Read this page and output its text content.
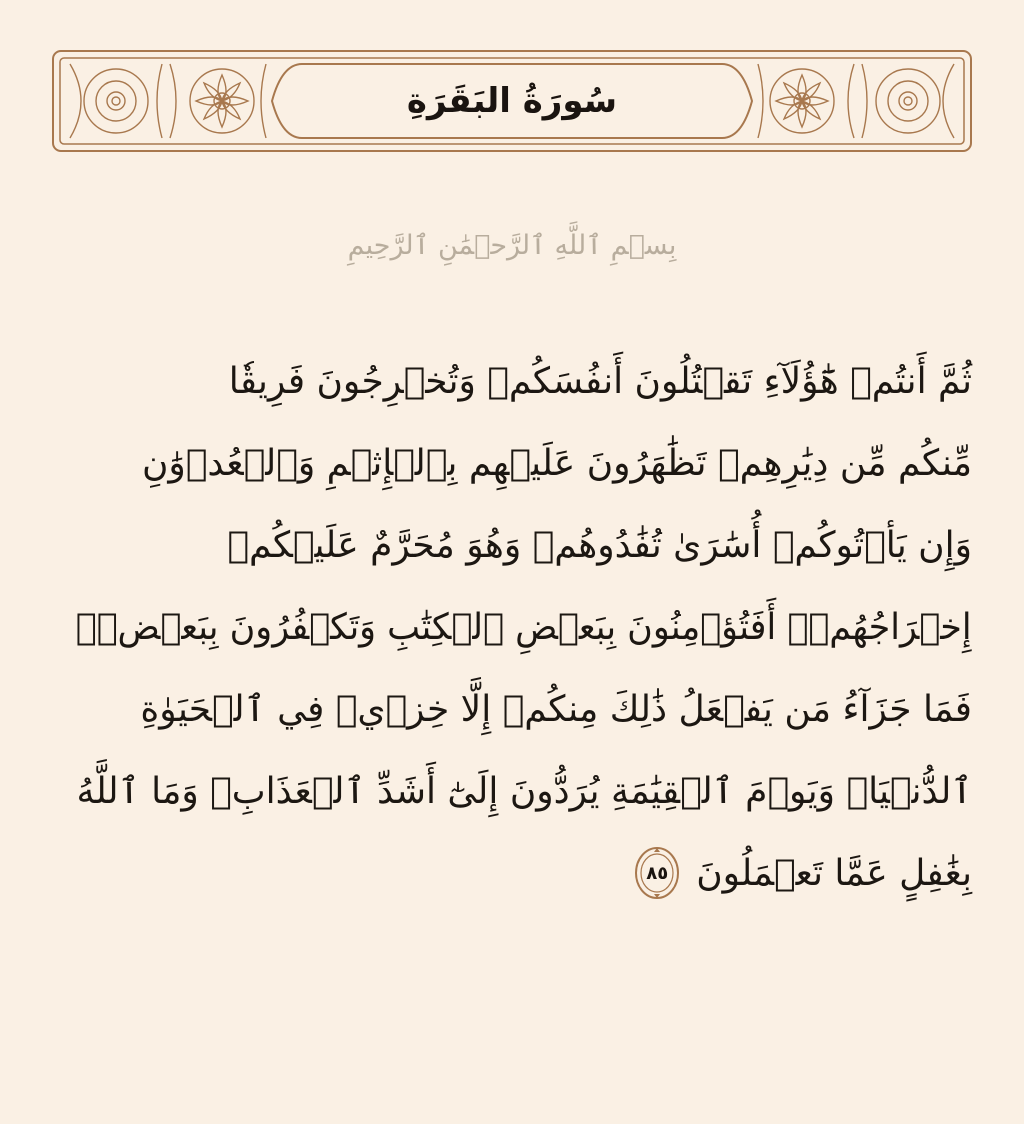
سُورَةُ البَقَرَةِ
بِسۡمِ ٱللَّهِ ٱلرَّحۡمَٰنِ ٱلرَّحِيمِ
ثُمَّ أَنتُمۡ هَٰٓؤُلَآءِ تَقۡتُلُونَ أَنفُسَكُمۡ وَتُخۡرِجُونَ فَرِيقٗا
مِّنكُم مِّن دِيَٰرِهِمۡ تَظَٰهَرُونَ عَلَيۡهِم بِٱلۡإِثۡمِ وَٱلۡعُدۡوَٰنِ
وَإِن يَأۡتُوكُمۡ أُسَٰرَىٰ تُفَٰدُوهُمۡ وَهُوَ مُحَرَّمٌ عَلَيۡكُمۡ
إِخۡرَاجُهُمۡۚ أَفَتُؤۡمِنُونَ بِبَعۡضِ ٱلۡكِتَٰبِ وَتَكۡفُرُونَ بِبَعۡضٖۚ
فَمَا جَزَآءُ مَن يَفۡعَلُ ذَٰلِكَ مِنكُمۡ إِلَّا خِزۡيٞ فِي ٱلۡحَيَوٰةِ
ٱلدُّنۡيَاۖ وَيَوۡمَ ٱلۡقِيَٰمَةِ يُرَدُّونَ إِلَىٰٓ أَشَدِّ ٱلۡعَذَابِۗ وَمَا ٱللَّهُ
بِغَٰفِلٍ عَمَّا تَعۡمَلُونَ
٨٥
